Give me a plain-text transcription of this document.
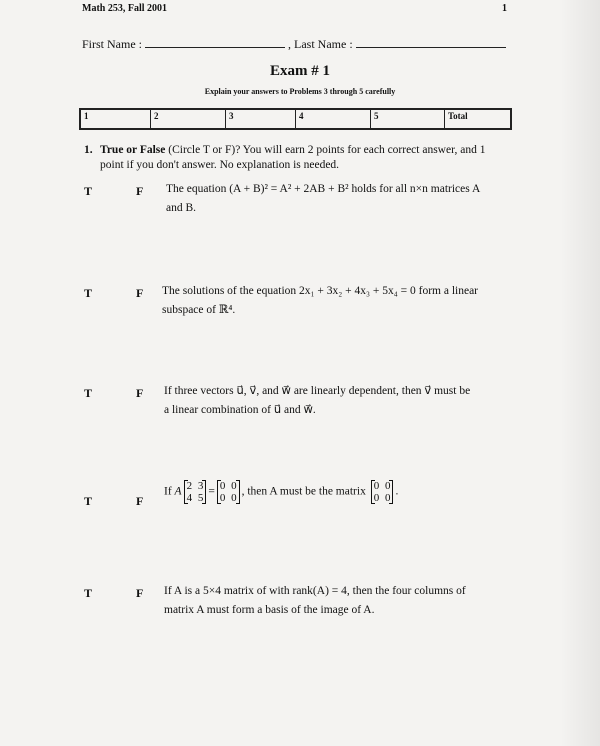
Math 253, Fall 2001	1
First Name :	, Last Name :
Exam # 1
Explain your answers to Problems 3 through 5 carefully
1	2	3	4	5	Total
1. True or False (Circle T or F)? You will earn 2 points for each correct answer, and 1 point if you don't answer. No explanation is needed.
T	F The equation (A + B)² = A² + 2AB + B² holds for all n×n matrices A
and B.
T	F The solutions of the equation 2x₁ + 3x₂ + 4x₃ + 5x₄ = 0 form a linear
subspace of ℝ⁴.
T	F If three vectors u⃗, v⃗, and w⃗ are linearly dependent, then v⃗ must be
a linear combination of u⃗ and w⃗.
T	F
If A 2 3
4 5
= 0 0
0 0
, then A must be the matrix 0 0
0 0
.
T	F If A is a 5×4 matrix of with rank(A) = 4, then the four columns of
matrix A must form a basis of the image of A.
